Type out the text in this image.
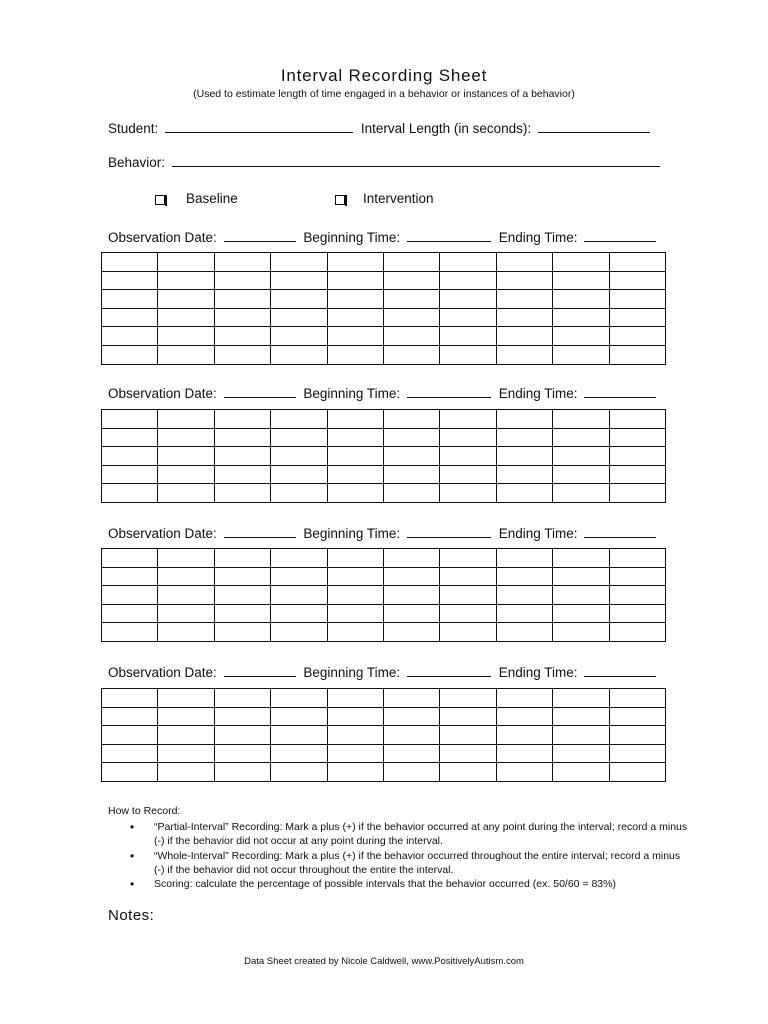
Interval Recording Sheet
(Used to estimate length of time engaged in a behavior or instances of a behavior)
Student:	Interval Length (in seconds):
Behavior:
Baseline	Intervention
Observation Date:	Beginning Time:	Ending Time:

Observation Date:	Beginning Time:	Ending Time:

Observation Date:	Beginning Time:	Ending Time:

Observation Date:	Beginning Time:	Ending Time:

How to Record:
• “Partial-Interval” Recording: Mark a plus (+) if the behavior occurred at any point during the interval; record a minus (-) if the behavior did not occur at any point during the interval.
• “Whole-Interval” Recording: Mark a plus (+) if the behavior occurred throughout the entire interval; record a minus (-) if the behavior did not occur throughout the entire the interval.
• Scoring: calculate the percentage of possible intervals that the behavior occurred (ex. 50/60 = 83%)
Notes:
Data Sheet created by Nicole Caldwell, www.PositivelyAutism.com
